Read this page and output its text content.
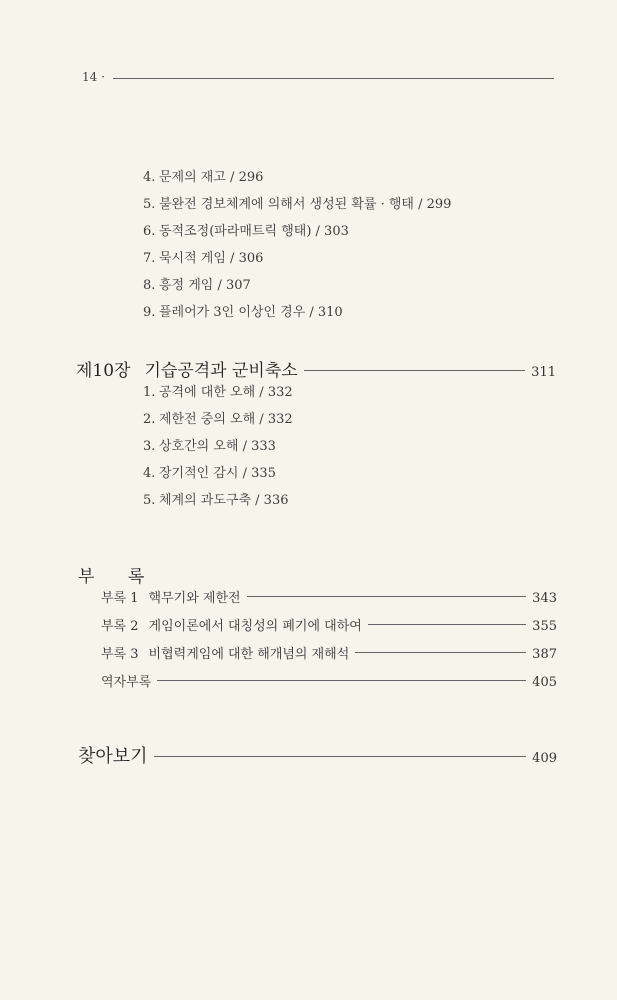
14 ·
4. 문제의 재고 / 296
5. 불완전 경보체계에 의해서 생성된 확률 · 행태 / 299
6. 동적조정(파라매트릭 행태) / 303
7. 묵시적 게임 / 306
8. 흥정 게임 / 307
9. 플레어가 3인 이상인 경우 / 310
제10장 기습공격과 군비축소	311
1. 공격에 대한 오해 / 332
2. 제한전 중의 오해 / 332
3. 상호간의 오해 / 333
4. 장기적인 감시 / 335
5. 체계의 과도구축 / 336
부 록
부록 1 핵무기와 제한전	343
부록 2 게임이론에서 대칭성의 폐기에 대하여	355
부록 3 비협력게임에 대한 해개념의 재해석	387
역자부록	405
찾아보기	409
